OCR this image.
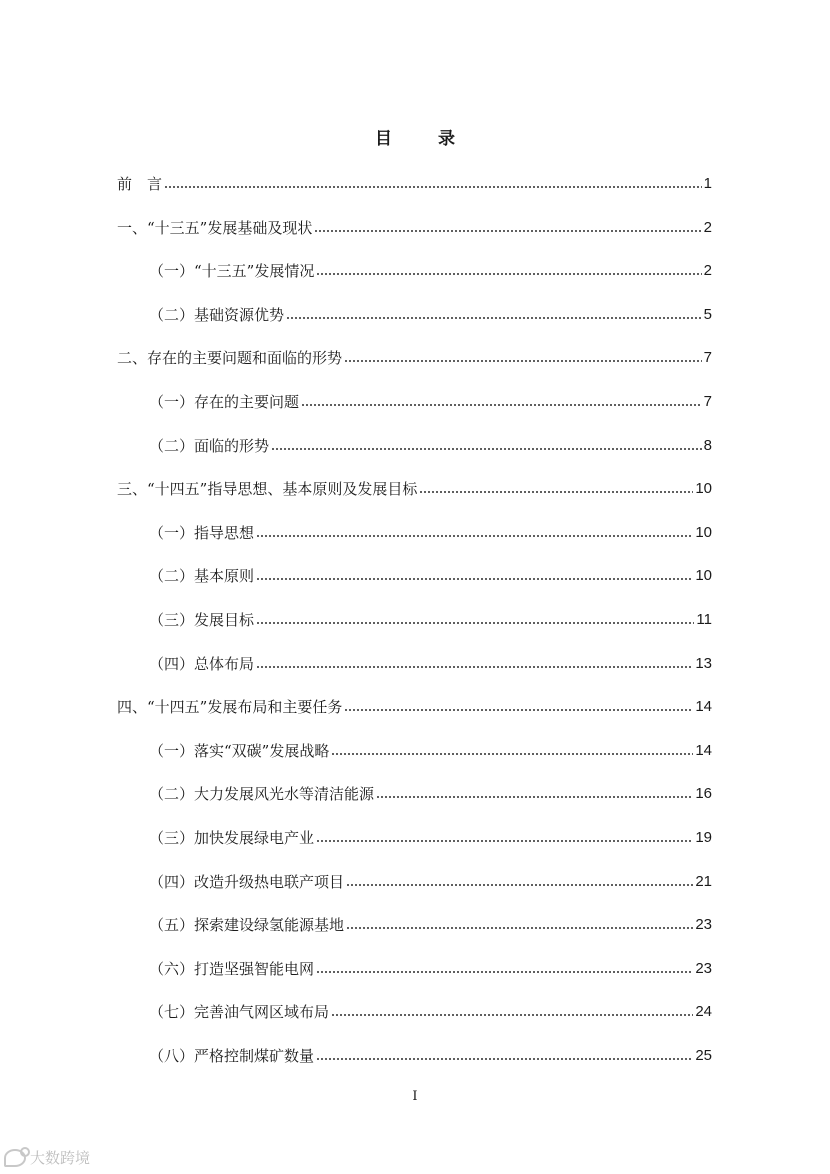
目 录
前　言	1
一、“十三五”发展基础及现状	2
（一）“十三五”发展情况	2
（二）基础资源优势	5
二、存在的主要问题和面临的形势	7
（一）存在的主要问题	7
（二）面临的形势	8
三、“十四五”指导思想、基本原则及发展目标	10
（一）指导思想	10
（二）基本原则	10
（三）发展目标	11
（四）总体布局	13
四、“十四五”发展布局和主要任务	14
（一）落实“双碳”发展战略	14
（二）大力发展风光水等清洁能源	16
（三）加快发展绿电产业	19
（四）改造升级热电联产项目	21
（五）探索建设绿氢能源基地	23
（六）打造坚强智能电网	23
（七）完善油气网区域布局	24
（八）严格控制煤矿数量	25
I
大数跨境
